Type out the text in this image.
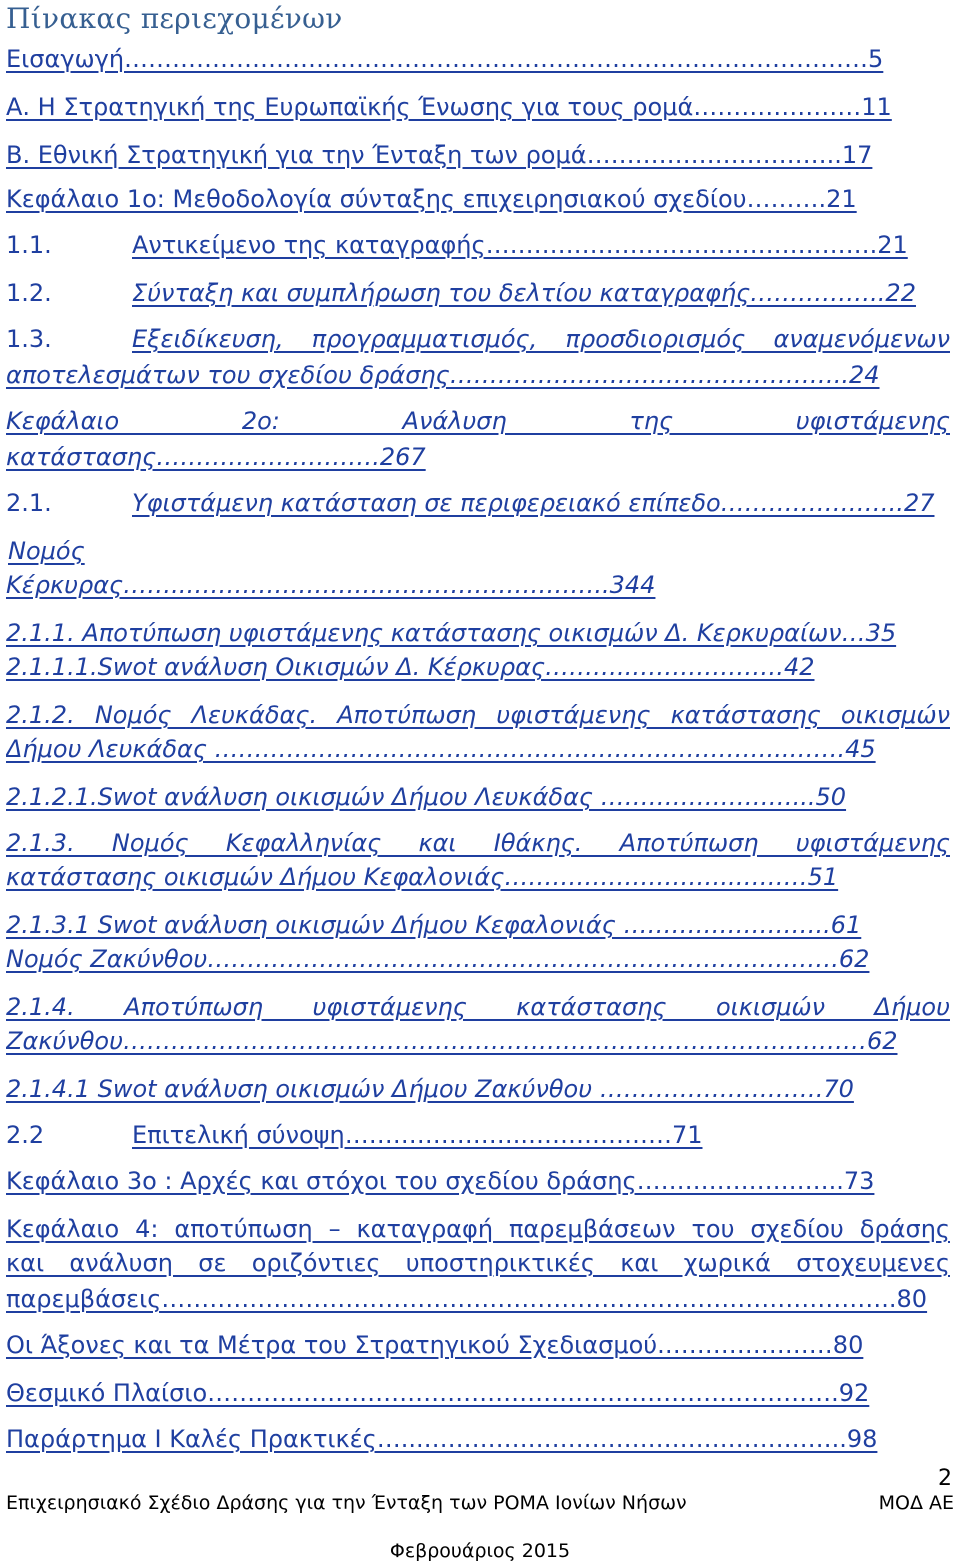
Πίνακας περιεχομένων
Εισαγωγή…………………………………………………………………………………5
Α. Η Στρατηγική της Ευρωπαϊκής Ένωσης για τους ρομά…………………11
Β. Εθνική Στρατηγική για την Ένταξη των ρομά…………………………..17
Κεφάλαιο 1ο: Μεθοδολογία σύνταξης επιχειρησιακού σχεδίου……….21
1.1.	Αντικείμενο της καταγραφής………………………………………….21
1.2.	Σύνταξη και συμπλήρωση του δελτίου καταγραφής……………..22
1.3.	Εξειδίκευση, προγραμματισμός, προσδιορισμός αναμενόμενων
αποτελεσμάτων του σχεδίου δράσης…………………………………………..24
Κεφάλαιο 2ο: Ανάλυση της υφιστάμενης
κατάστασης……………………….267
2.1.	Υφιστάμενη κατάσταση σε περιφερειακό επίπεδο…………………..27
Νομός
Κέρκυρας……..……………………………………………..344
2.1.1. Αποτύπωση υφιστάμενης κατάστασης οικισμών Δ. Κερκυραίων…35
2.1.1.1.Swot ανάλυση Οικισμών Δ. Κέρκυρας………..……………….42
2.1.2. Νομός Λευκάδας. Αποτύπωση υφιστάμενης κατάστασης οικισμών
Δήμου Λευκάδας ……………………………………………………………...…….45
2.1.2.1.Swot ανάλυση οικισμών Δήμου Λευκάδας ……………………...50
2.1.3. Νομός Κεφαλληνίας και Ιθάκης. Αποτύπωση υφιστάμενης
κατάστασης οικισμών Δήμου Κεφαλονιάς………………………..………51
2.1.3.1 Swot ανάλυση οικισμών Δήμου Κεφαλονιάς ……………………..61
Νομός Ζακύνθου…………………………………………………………………….62
2.1.4. Αποτύπωση υφιστάμενης κατάστασης οικισμών Δήμου
Ζακύνθου…………………………………………………………………………………62
2.1.4.1 Swot ανάλυση οικισμών Δήμου Ζακύνθου ……………………….70
2.2	Επιτελική σύνοψη…………………..………………71
Κεφάλαιο 3ο : Αρχές και στόχοι του σχεδίου δράσης……………………..73
Κεφάλαιο 4: αποτύπωση – καταγραφή παρεμβάσεων του σχεδίου δράσης
και ανάλυση σε οριζόντιες υποστηρικτικές και χωρικά στοχευμενες
παρεμβάσεις………………………………………………………………………………..80
Οι Άξονες και τα Μέτρα του Στρατηγικού Σχεδιασμού.…………………80
Θεσμικό Πλαίσιο…………………………………………………………………….92
Παράρτημα Ι Καλές Πρακτικές…...……………………………………………..98
2
Επιχειρησιακό Σχέδιο Δράσης για την Ένταξη των ΡΟΜΑ Ιονίων Νήσων	ΜΟΔ ΑΕ
Φεβρουάριος 2015
